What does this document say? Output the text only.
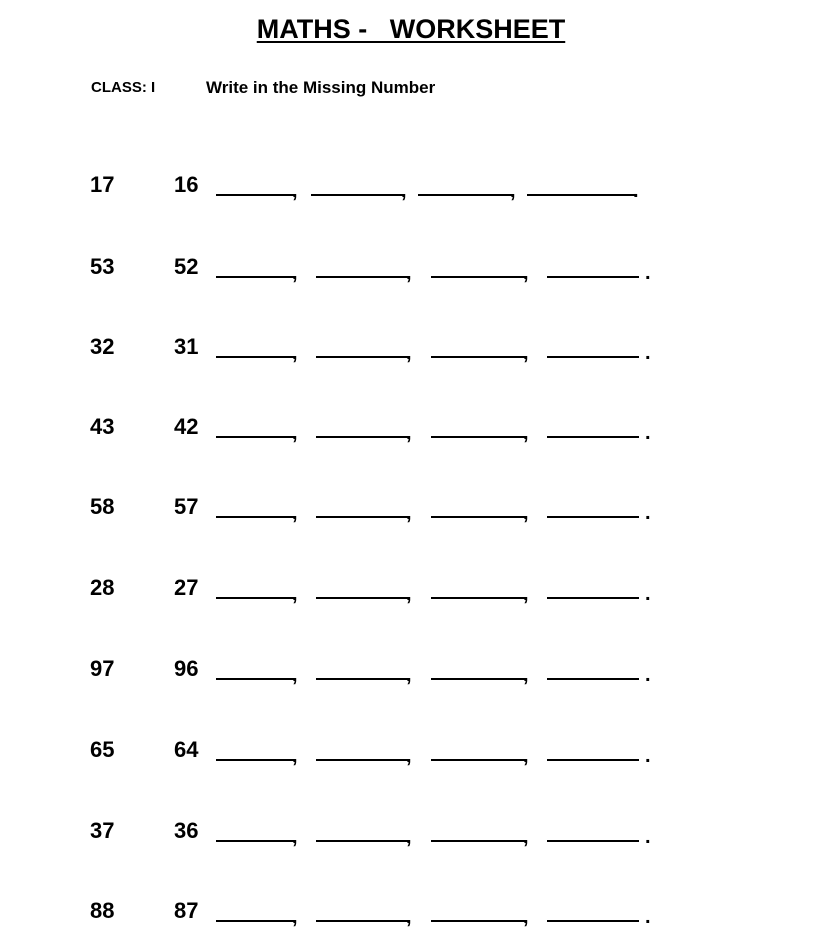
MATHS -   WORKSHEET
CLASS: I	Write in the Missing Number
17	16	,	,	,	.
53	52	,	,	,	.
32	31	,	,	,	.
43	42	,	,	,	.
58	57	,	,	,	.
28	27	,	,	,	.
97	96	,	,	,	.
65	64	,	,	,	.
37	36	,	,	,	.
88	87	,	,	,	.
